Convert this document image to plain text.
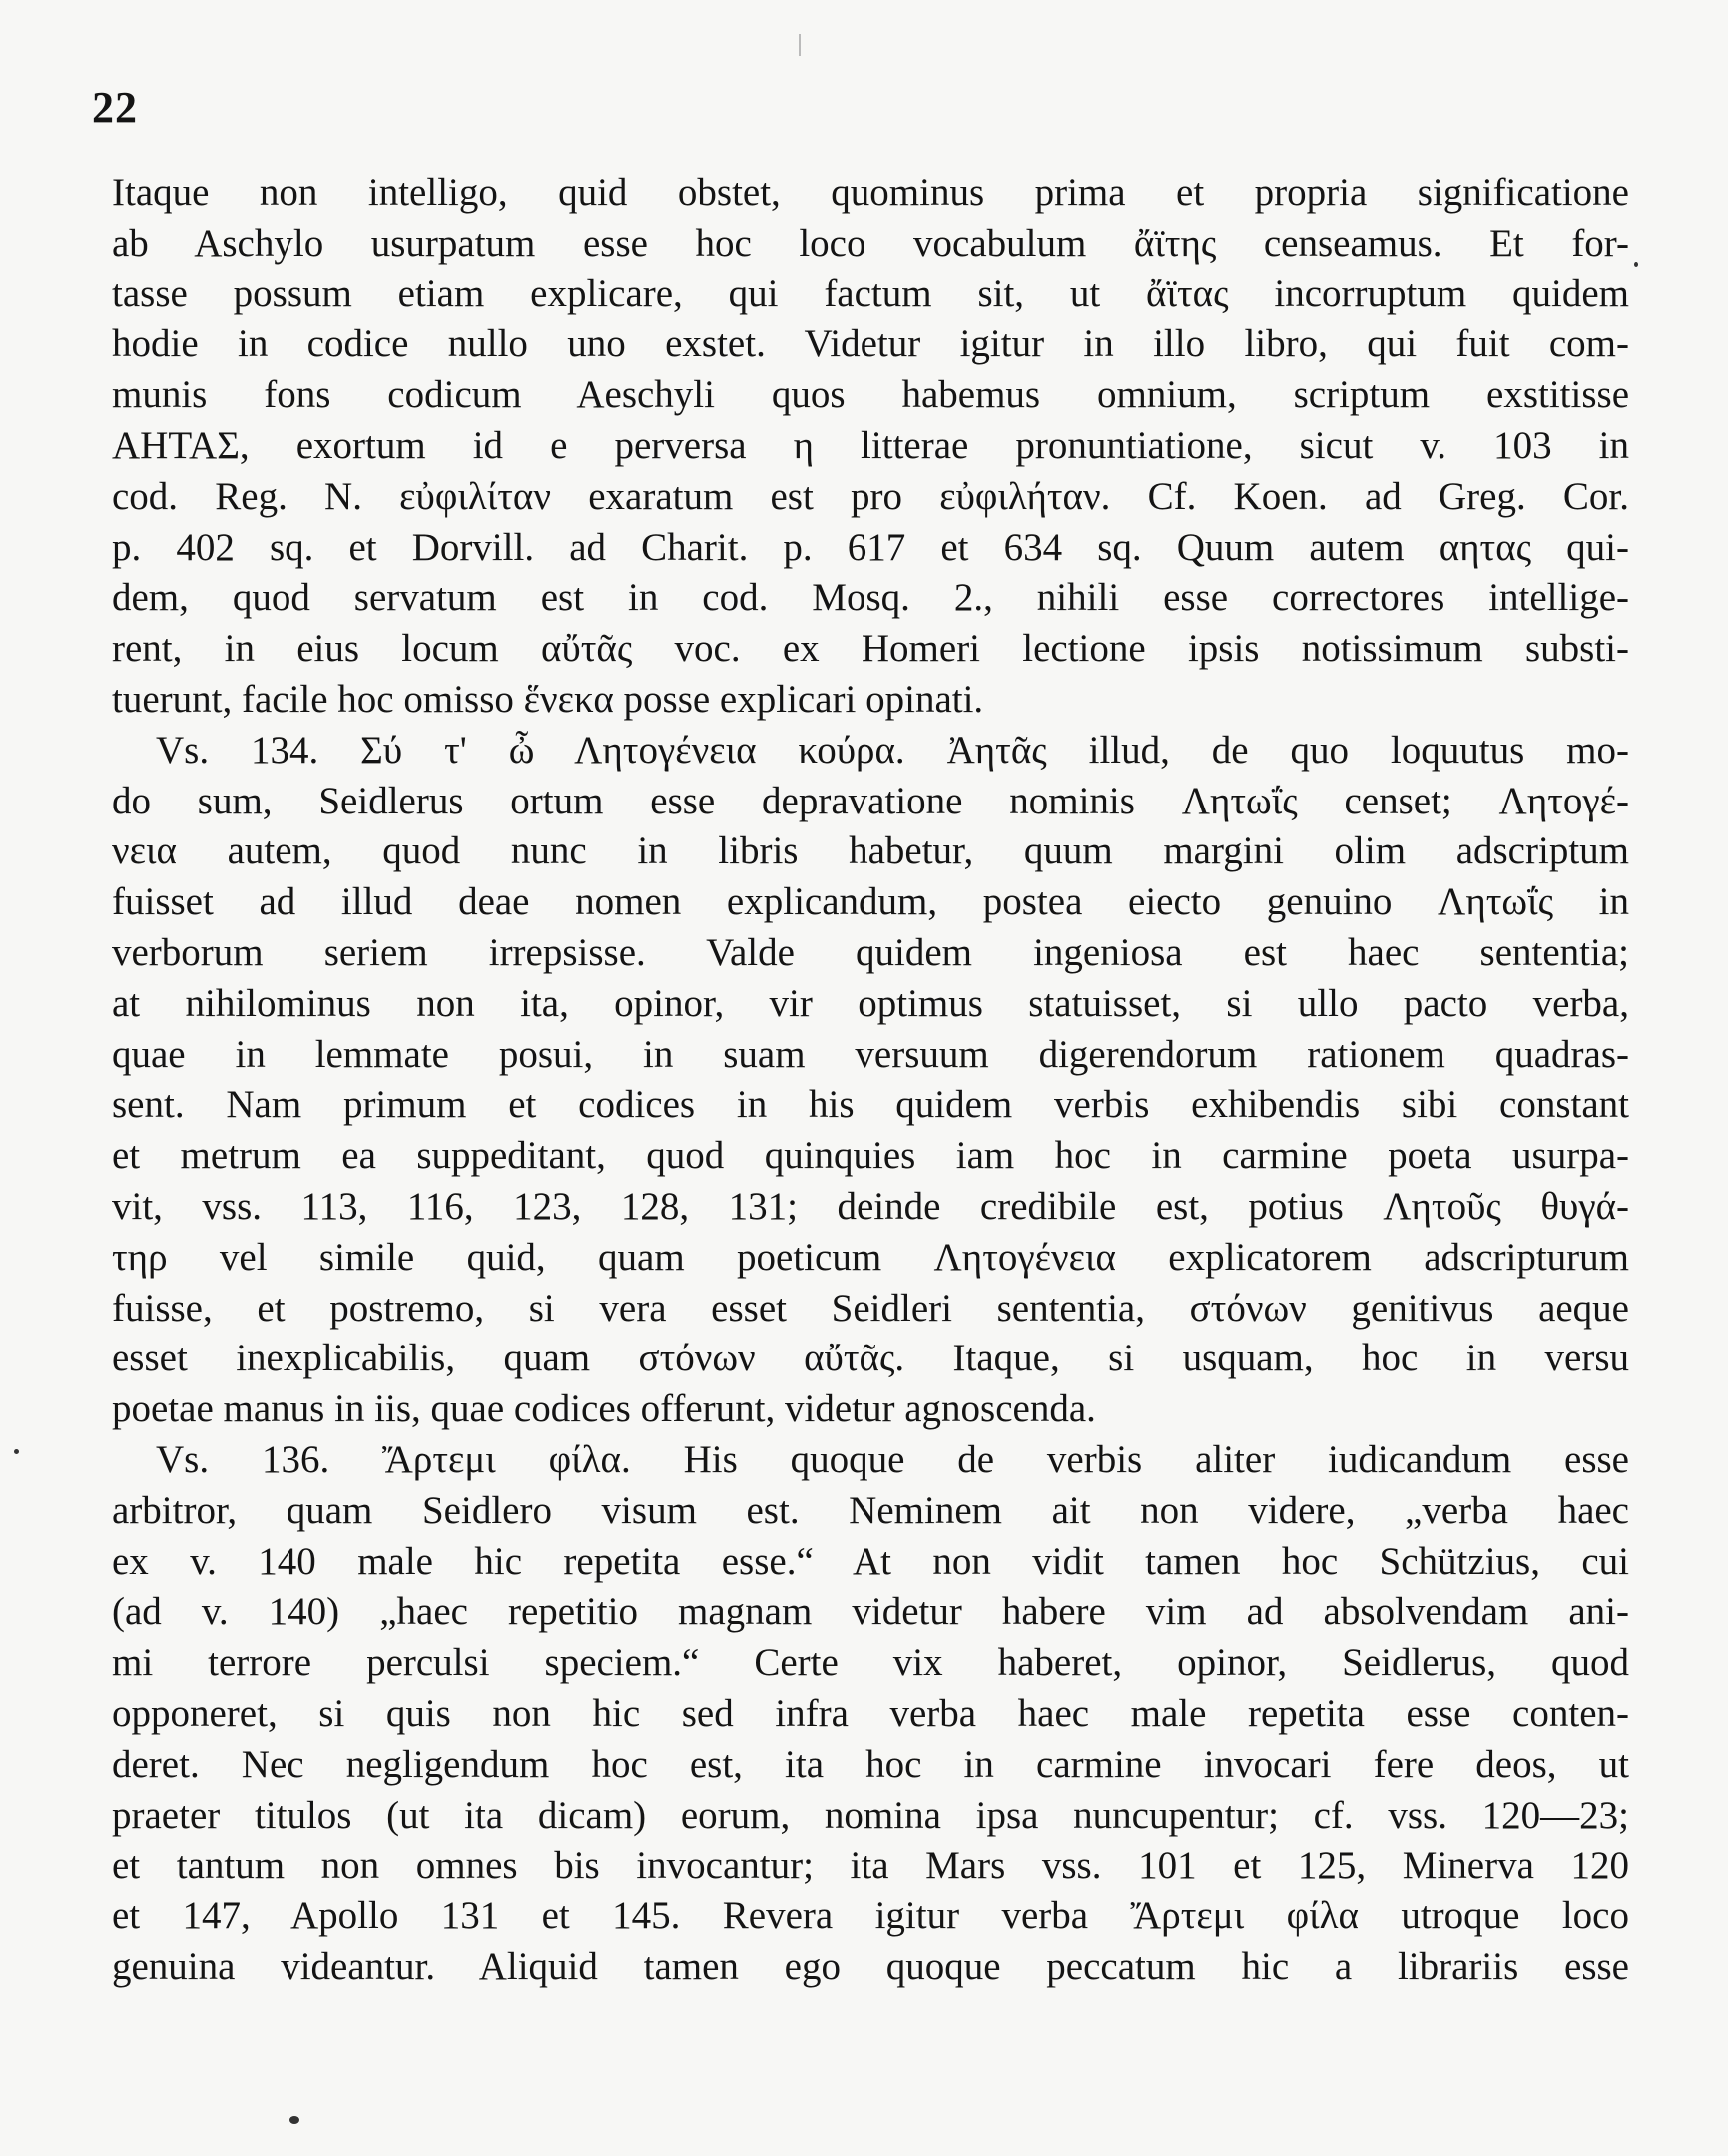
22
Itaque non intelligo, quid obstet, quominus prima et propria significatione
ab Aschylo usurpatum esse hoc loco vocabulum ἄϊτης censeamus. Et for-
tasse possum etiam explicare, qui factum sit, ut ἄϊτας incorruptum quidem
hodie in codice nullo uno exstet. Videtur igitur in illo libro, qui fuit com-
munis fons codicum Aeschyli quos habemus omnium, scriptum exstitisse
ΑΗΤΑΣ, exortum id e perversa η litterae pronuntiatione, sicut v. 103 in
cod. Reg. N. εὐφιλίταν exaratum est pro εὐφιλήταν. Cf. Koen. ad Greg. Cor.
p. 402 sq. et Dorvill. ad Charit. p. 617 et 634 sq. Quum autem αητας qui-
dem, quod servatum est in cod. Mosq. 2., nihili esse correctores intellige-
rent, in eius locum αὔτᾶς voc. ex Homeri lectione ipsis notissimum substi-
tuerunt, facile hoc omisso ἕνεκα posse explicari opinati.
Vs. 134. Σύ τ' ὦ Λητογένεια κούρα. Ἀητᾶς illud, de quo loquutus mo-
do sum, Seidlerus ortum esse depravatione nominis Λητωΐς censet; Λητογέ-
νεια autem, quod nunc in libris habetur, quum margini olim adscriptum
fuisset ad illud deae nomen explicandum, postea eiecto genuino Λητωΐς in
verborum seriem irrepsisse. Valde quidem ingeniosa est haec sententia;
at nihilominus non ita, opinor, vir optimus statuisset, si ullo pacto verba,
quae in lemmate posui, in suam versuum digerendorum rationem quadras-
sent. Nam primum et codices in his quidem verbis exhibendis sibi constant
et metrum ea suppeditant, quod quinquies iam hoc in carmine poeta usurpa-
vit, vss. 113, 116, 123, 128, 131; deinde credibile est, potius Λητοῦς θυγά-
τηρ vel simile quid, quam poeticum Λητογένεια explicatorem adscripturum
fuisse, et postremo, si vera esset Seidleri sententia, στόνων genitivus aeque
esset inexplicabilis, quam στόνων αὔτᾶς. Itaque, si usquam, hoc in versu
poetae manus in iis, quae codices offerunt, videtur agnoscenda.
Vs. 136. Ἄρτεμι φίλα. His quoque de verbis aliter iudicandum esse
arbitror, quam Seidlero visum est. Neminem ait non videre, „verba haec
ex v. 140 male hic repetita esse.“ At non vidit tamen hoc Schützius, cui
(ad v. 140) „haec repetitio magnam videtur habere vim ad absolvendam ani-
mi terrore perculsi speciem.“ Certe vix haberet, opinor, Seidlerus, quod
opponeret, si quis non hic sed infra verba haec male repetita esse conten-
deret. Nec negligendum hoc est, ita hoc in carmine invocari fere deos, ut
praeter titulos (ut ita dicam) eorum, nomina ipsa nuncupentur; cf. vss. 120—23;
et tantum non omnes bis invocantur; ita Mars vss. 101 et 125, Minerva 120
et 147, Apollo 131 et 145. Revera igitur verba Ἄρτεμι φίλα utroque loco
genuina videantur. Aliquid tamen ego quoque peccatum hic a librariis esse
